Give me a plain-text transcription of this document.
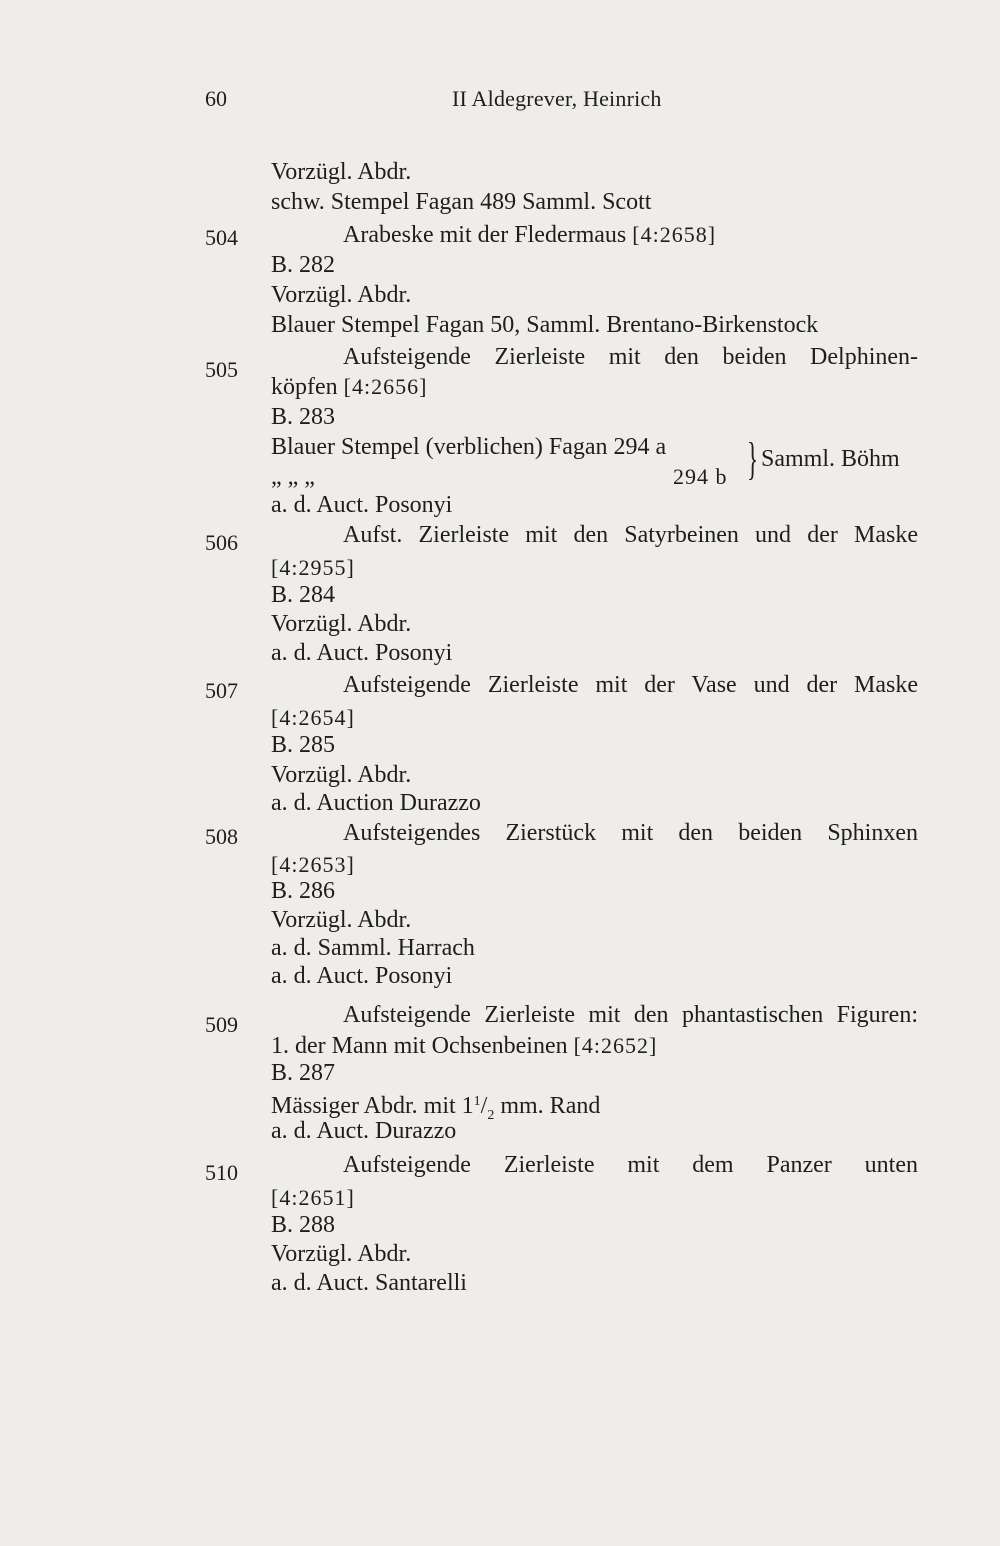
60	II Aldegrever, Heinrich
Vorzügl. Abdr.
schw. Stempel Fagan 489 Samml. Scott
504	Arabeske mit der Fledermaus [4:2658]
B. 282
Vorzügl. Abdr.
Blauer Stempel Fagan 50, Samml. Brentano-Birkenstock
505	Aufsteigende Zierleiste mit den beiden Delphinen-
köpfen [4:2656]
B. 283
Blauer Stempel (verblichen) Fagan 294 a
„ „ „	294 b } Samml. Böhm
a. d. Auct. Posonyi
506	Aufst. Zierleiste mit den Satyrbeinen und der Maske
[4:2955]
B. 284
Vorzügl. Abdr.
a. d. Auct. Posonyi
507	Aufsteigende Zierleiste mit der Vase und der Maske
[4:2654]
B. 285
Vorzügl. Abdr.
a. d. Auction Durazzo
508	Aufsteigendes Zierstück mit den beiden Sphinxen
[4:2653]
B. 286
Vorzügl. Abdr.
a. d. Samml. Harrach
a. d. Auct. Posonyi
509	Aufsteigende Zierleiste mit den phantastischen Figuren:
1. der Mann mit Ochsenbeinen [4:2652]
B. 287
Mässiger Abdr. mit $1^1/_2$ mm. Rand
a. d. Auct. Durazzo
510	Aufsteigende Zierleiste mit dem Panzer unten
[4:2651]
B. 288
Vorzügl. Abdr.
a. d. Auct. Santarelli
